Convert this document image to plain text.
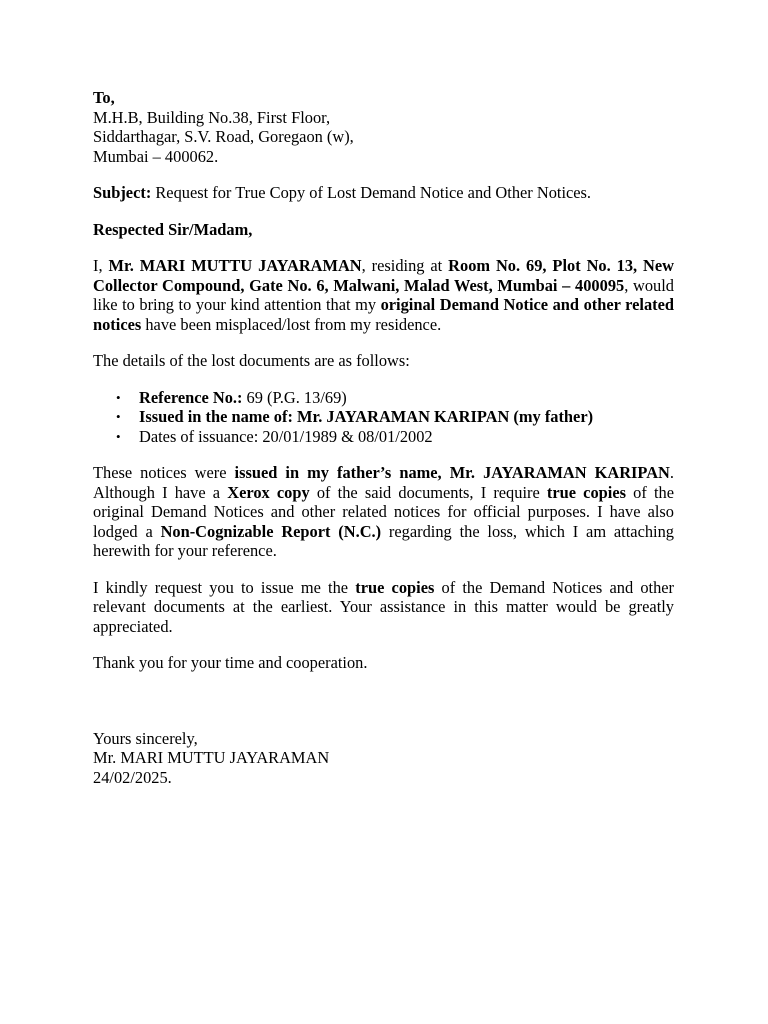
To,

M.H.B, Building No.38, First Floor,

Siddarthagar, S.V. Road, Goregaon (w),

Mumbai – 400062.

Subject: Request for True Copy of Lost Demand Notice and Other Notices.

Respected Sir/Madam,

I, Mr. MARI MUTTU JAYARAMAN, residing at Room No. 69, Plot No. 13, New Collector Compound, Gate No. 6, Malwani, Malad West, Mumbai – 400095, would like to bring to your kind attention that my original Demand Notice and other related notices have been misplaced/lost from my residence.

The details of the lost documents are as follows:

• Reference No.: 69 (P.G. 13/69)
• Issued in the name of: Mr. JAYARAMAN KARIPAN (my father)
• Dates of issuance: 20/01/1989 & 08/01/2002

These notices were issued in my father’s name, Mr. JAYARAMAN KARIPAN. Although I have a Xerox copy of the said documents, I require true copies of the original Demand Notices and other related notices for official purposes. I have also lodged a Non-Cognizable Report (N.C.) regarding the loss, which I am attaching herewith for your reference.

I kindly request you to issue me the true copies of the Demand Notices and other relevant documents at the earliest. Your assistance in this matter would be greatly appreciated.

Thank you for your time and cooperation.

Yours sincerely,

Mr. MARI MUTTU JAYARAMAN

24/02/2025.
